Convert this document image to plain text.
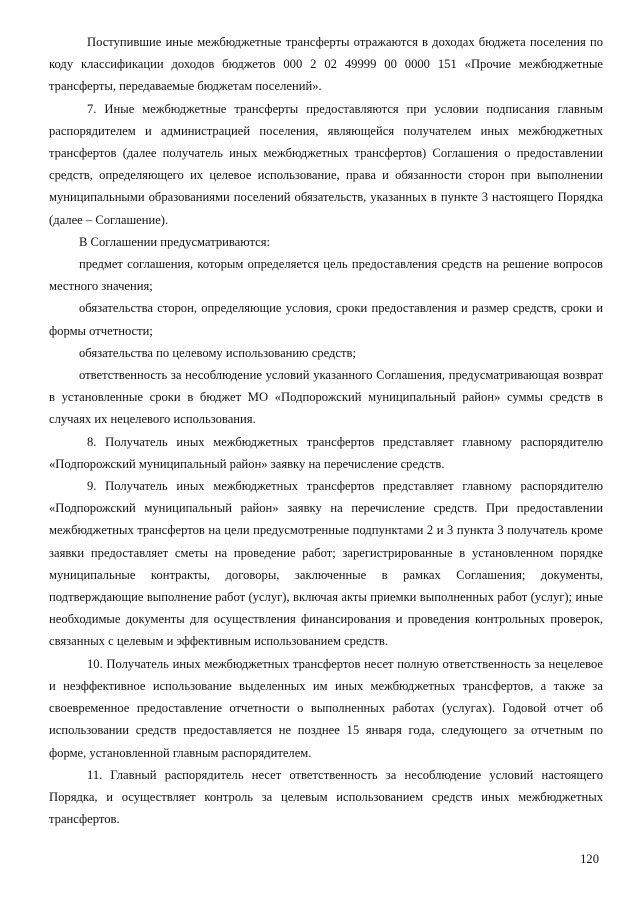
Поступившие иные межбюджетные трансферты отражаются в доходах бюджета поселения по коду классификации доходов бюджетов 000 2 02 49999 00 0000 151 «Прочие межбюджетные трансферты, передаваемые бюджетам поселений».

7. Иные межбюджетные трансферты предоставляются при условии подписания главным распорядителем и администрацией поселения, являющейся получателем иных межбюджетных трансфертов (далее получатель иных межбюджетных трансфертов) Соглашения о предоставлении средств, определяющего их целевое использование, права и обязанности сторон при выполнении муниципальными образованиями поселений обязательств, указанных в пункте 3 настоящего Порядка (далее – Соглашение).

В Соглашении предусматриваются:

предмет соглашения, которым определяется цель предоставления средств на решение вопросов местного значения;

обязательства сторон, определяющие условия, сроки предоставления и размер средств, сроки и формы отчетности;

обязательства по целевому использованию средств;

ответственность за несоблюдение условий указанного Соглашения, предусматривающая возврат в установленные сроки в бюджет МО «Подпорожский муниципальный район» суммы средств в случаях их нецелевого использования.

8. Получатель иных межбюджетных трансфертов представляет главному распорядителю «Подпорожский муниципальный район» заявку на перечисление средств.

9. Получатель иных межбюджетных трансфертов представляет главному распорядителю «Подпорожский муниципальный район» заявку на перечисление средств. При предоставлении межбюджетных трансфертов на цели предусмотренные подпунктами 2 и 3 пункта 3 получатель кроме заявки предоставляет сметы на проведение работ; зарегистрированные в установленном порядке муниципальные контракты, договоры, заключенные в рамках Соглашения; документы, подтверждающие выполнение работ (услуг), включая акты приемки выполненных работ (услуг); иные необходимые документы для осуществления финансирования и проведения контрольных проверок, связанных с целевым и эффективным использованием средств.

10. Получатель иных межбюджетных трансфертов несет полную ответственность за нецелевое и неэффективное использование выделенных им иных межбюджетных трансфертов, а также за своевременное предоставление отчетности о выполненных работах (услугах). Годовой отчет об использовании средств предоставляется не позднее 15 января года, следующего за отчетным по форме, установленной главным распорядителем.

11. Главный распорядитель несет ответственность за несоблюдение условий настоящего Порядка, и осуществляет контроль за целевым использованием средств иных межбюджетных трансфертов.

120
